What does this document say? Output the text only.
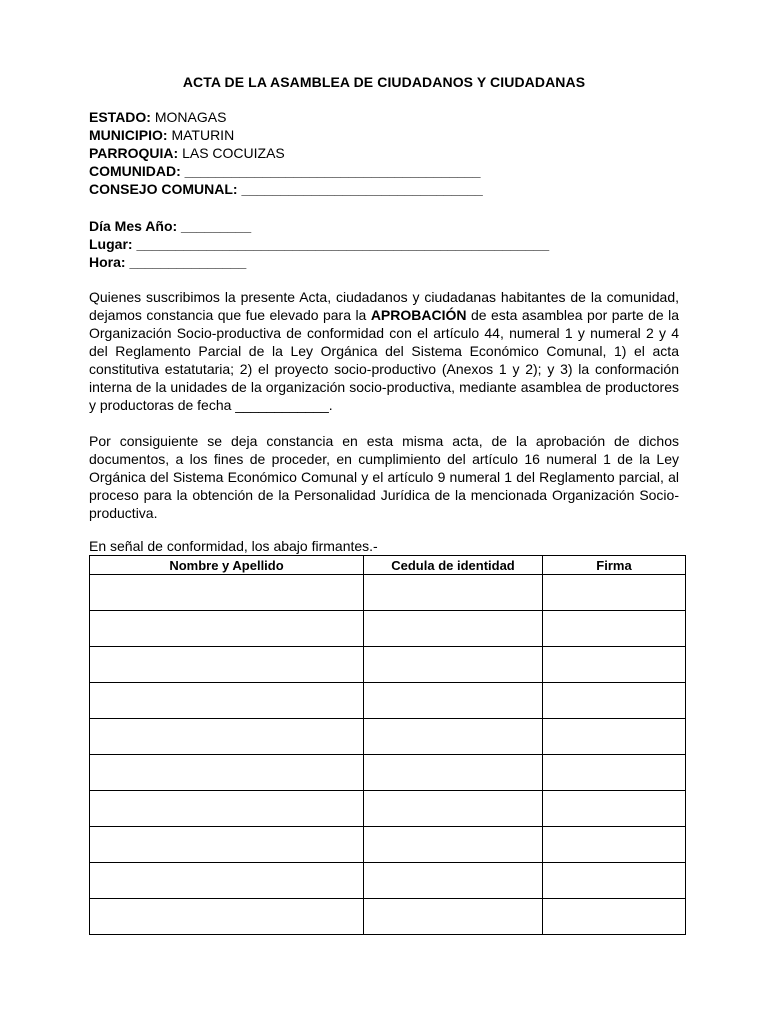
ACTA DE LA ASAMBLEA DE CIUDADANOS Y CIUDADANAS
ESTADO: MONAGAS
MUNICIPIO: MATURIN
PARROQUIA: LAS COCUIZAS
COMUNIDAD: ______________________________________
CONSEJO COMUNAL: _______________________________
Día Mes Año: _________
Lugar: _____________________________________________________
Hora: _______________
Quienes suscribimos la presente Acta, ciudadanos y ciudadanas habitantes de la comunidad, dejamos constancia que fue elevado para la APROBACIÓN de esta asamblea por parte de la Organización Socio-productiva de conformidad con el artículo 44, numeral 1 y numeral 2 y 4 del Reglamento Parcial de la Ley Orgánica del Sistema Económico Comunal, 1) el acta constitutiva estatutaria; 2) el proyecto socio-productivo (Anexos 1 y 2); y 3) la conformación interna de la unidades de la organización socio-productiva, mediante asamblea de productores y productoras de fecha ____________.
Por consiguiente se deja constancia en esta misma acta, de la aprobación de dichos documentos, a los fines de proceder, en cumplimiento del artículo 16 numeral 1 de la Ley Orgánica del Sistema Económico Comunal y el artículo 9 numeral 1 del Reglamento parcial, al proceso para la obtención de la Personalidad Jurídica de la mencionada Organización Socio-productiva.
En señal de conformidad, los abajo firmantes.-
Nombre y Apellido	Cedula de identidad	Firma
